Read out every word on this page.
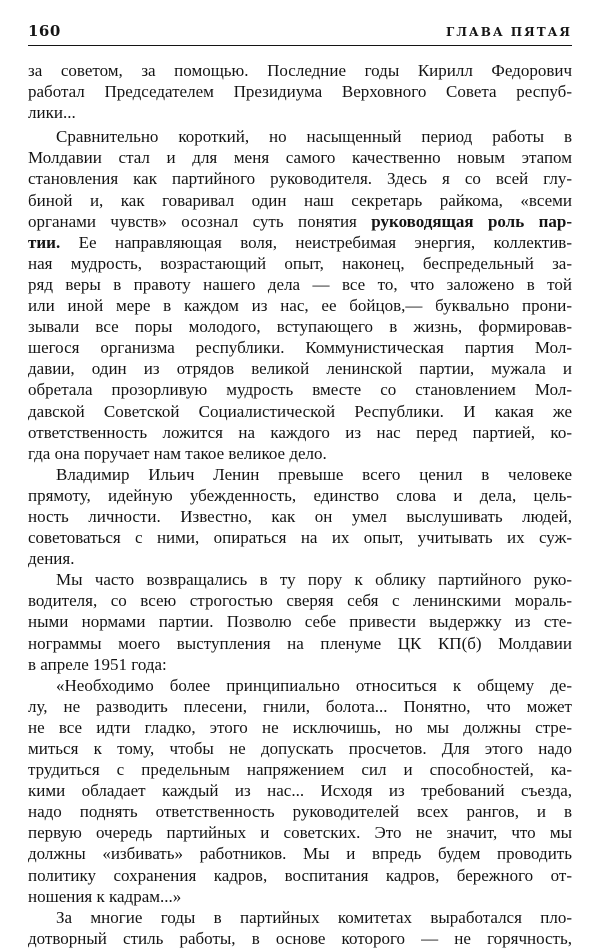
160	ГЛАВА ПЯТАЯ
за советом, за помощью. Последние годы Кирилл Федорович
работал Председателем Президиума Верховного Совета респуб-
лики...
Сравнительно короткий, но насыщенный период работы в
Молдавии стал и для меня самого качественно новым этапом
становления как партийного руководителя. Здесь я со всей глу-
биной и, как говаривал один наш секретарь райкома, «всеми
органами чувств» осознал суть понятия руководящая роль пар-
тии. Ее направляющая воля, неистребимая энергия, коллектив-
ная мудрость, возрастающий опыт, наконец, беспредельный за-
ряд веры в правоту нашего дела — все то, что заложено в той
или иной мере в каждом из нас, ее бойцов,— буквально прони-
зывали все поры молодого, вступающего в жизнь, формировав-
шегося организма республики. Коммунистическая партия Мол-
давии, один из отрядов великой ленинской партии, мужала и
обретала прозорливую мудрость вместе со становлением Мол-
давской Советской Социалистической Республики. И какая же
ответственность ложится на каждого из нас перед партией, ко-
гда она поручает нам такое великое дело.
Владимир Ильич Ленин превыше всего ценил в человеке
прямоту, идейную убежденность, единство слова и дела, цель-
ность личности. Известно, как он умел выслушивать людей,
советоваться с ними, опираться на их опыт, учитывать их суж-
дения.
Мы часто возвращались в ту пору к облику партийного руко-
водителя, со всею строгостью сверяя себя с ленинскими мораль-
ными нормами партии. Позволю себе привести выдержку из сте-
нограммы моего выступления на пленуме ЦК КП(б) Молдавии
в апреле 1951 года:
«Необходимо более принципиально относиться к общему де-
лу, не разводить плесени, гнили, болота... Понятно, что может
не все идти гладко, этого не исключишь, но мы должны стре-
миться к тому, чтобы не допускать просчетов. Для этого надо
трудиться с предельным напряжением сил и способностей, ка-
кими обладает каждый из нас... Исходя из требований съезда,
надо поднять ответственность руководителей всех рангов, и в
первую очередь партийных и советских. Это не значит, что мы
должны «избивать» работников. Мы и впредь будем проводить
политику сохранения кадров, воспитания кадров, бережного от-
ношения к кадрам...»
За многие годы в партийных комитетах выработался пло-
дотворный стиль работы, в основе которого — не горячность,
